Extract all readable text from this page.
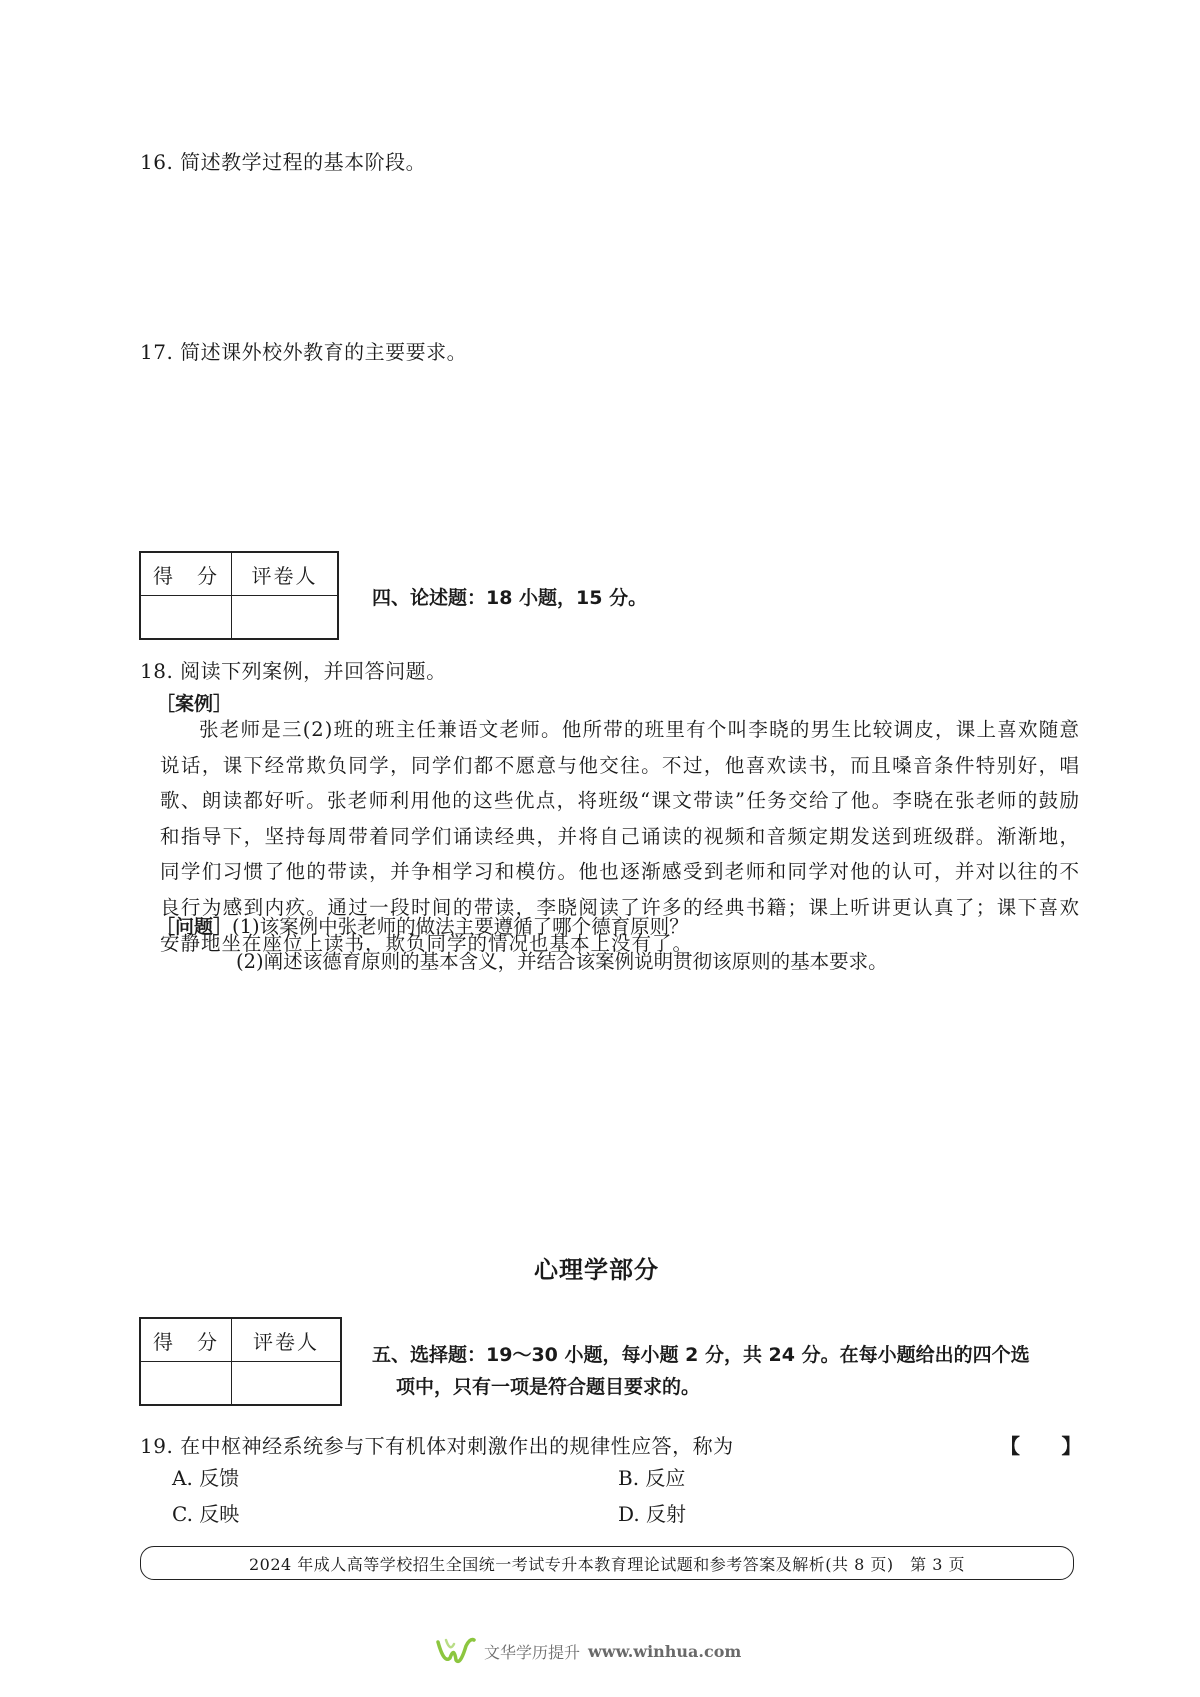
16. 简述教学过程的基本阶段。
17. 简述课外校外教育的主要要求。
得　分	评卷人

四、论述题：18 小题，15 分。
18. 阅读下列案例，并回答问题。
［案例］

张老师是三(2)班的班主任兼语文老师。他所带的班里有个叫李晓的男生比较调皮，课上喜欢随意说话，课下经常欺负同学，同学们都不愿意与他交往。不过，他喜欢读书，而且嗓音条件特别好，唱歌、朗读都好听。张老师利用他的这些优点，将班级“课文带读”任务交给了他。李晓在张老师的鼓励和指导下，坚持每周带着同学们诵读经典，并将自己诵读的视频和音频定期发送到班级群。渐渐地，同学们习惯了他的带读，并争相学习和模仿。他也逐渐感受到老师和同学对他的认可，并对以往的不良行为感到内疚。通过一段时间的带读，李晓阅读了许多的经典书籍；课上听讲更认真了；课下喜欢安静地坐在座位上读书，欺负同学的情况也基本上没有了。

［问题］(1)该案例中张老师的做法主要遵循了哪个德育原则？
(2)阐述该德育原则的基本含义，并结合该案例说明贯彻该原则的基本要求。
心理学部分
得　分	评卷人

五、选择题：19～30 小题，每小题 2 分，共 24 分。在每小题给出的四个选
项中，只有一项是符合题目要求的。
19. 在中枢神经系统参与下有机体对刺激作出的规律性应答，称为	【　　】
A. 反馈	B. 反应
C. 反映	D. 反射
2024 年成人高等学校招生全国统一考试专升本教育理论试题和参考答案及解析(共 8 页)　第 3 页
文华学历提升 www.winhua.com
